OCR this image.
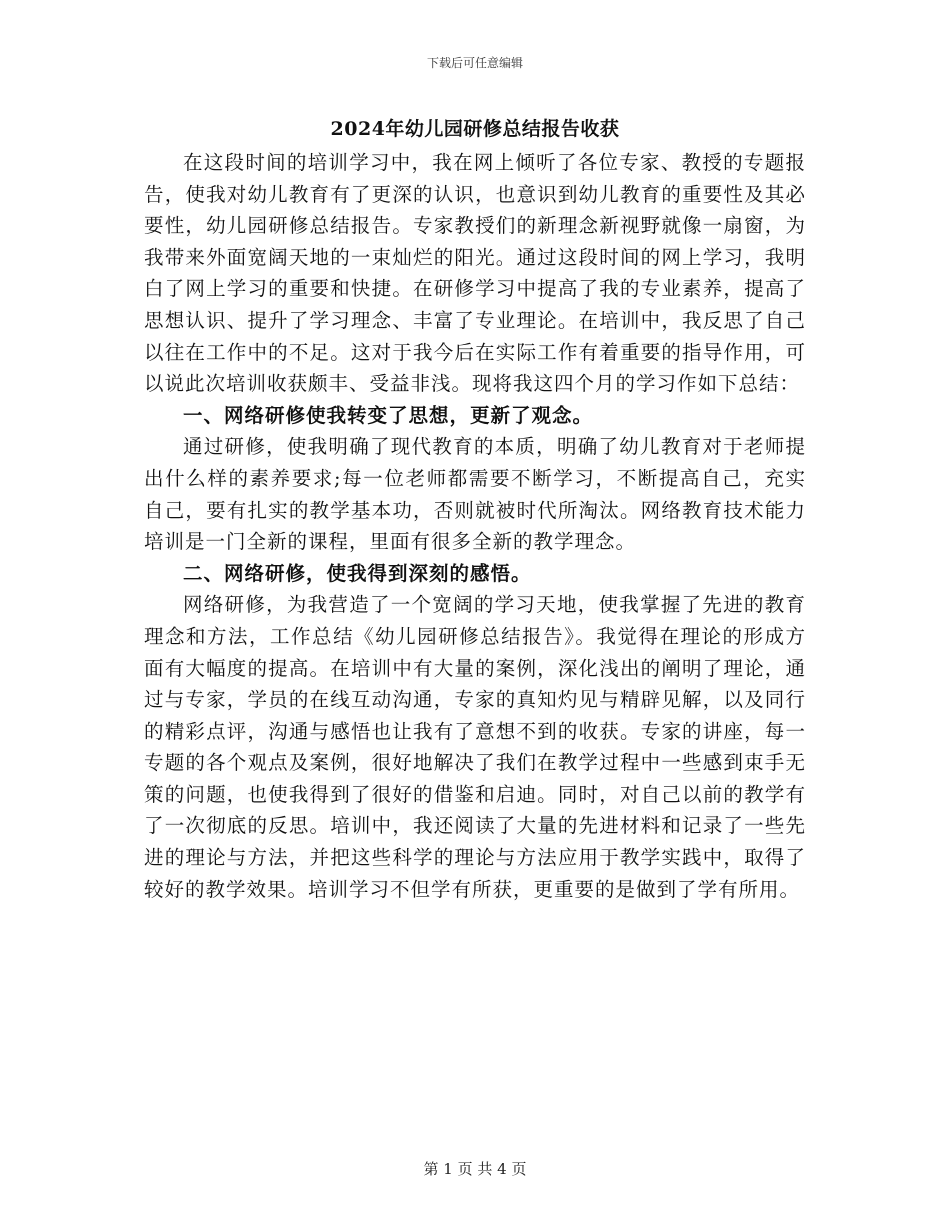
下载后可任意编辑
2024年幼儿园研修总结报告收获

在这段时间的培训学习中，我在网上倾听了各位专家、教授的专题报告，使我对幼儿教育有了更深的认识，也意识到幼儿教育的重要性及其必要性，幼儿园研修总结报告。专家教授们的新理念新视野就像一扇窗，为我带来外面宽阔天地的一束灿烂的阳光。通过这段时间的网上学习，我明白了网上学习的重要和快捷。在研修学习中提高了我的专业素养，提高了思想认识、提升了学习理念、丰富了专业理论。在培训中，我反思了自己以往在工作中的不足。这对于我今后在实际工作有着重要的指导作用，可以说此次培训收获颇丰、受益非浅。现将我这四个月的学习作如下总结：

一、网络研修使我转变了思想，更新了观念。

通过研修，使我明确了现代教育的本质，明确了幼儿教育对于老师提出什么样的素养要求;每一位老师都需要不断学习，不断提高自己，充实自己，要有扎实的教学基本功，否则就被时代所淘汰。网络教育技术能力培训是一门全新的课程，里面有很多全新的教学理念。

二、网络研修，使我得到深刻的感悟。

网络研修，为我营造了一个宽阔的学习天地，使我掌握了先进的教育理念和方法，工作总结《幼儿园研修总结报告》。我觉得在理论的形成方面有大幅度的提高。在培训中有大量的案例，深化浅出的阐明了理论，通过与专家，学员的在线互动沟通，专家的真知灼见与精辟见解，以及同行的精彩点评，沟通与感悟也让我有了意想不到的收获。专家的讲座，每一专题的各个观点及案例，很好地解决了我们在教学过程中一些感到束手无策的问题，也使我得到了很好的借鉴和启迪。同时，对自己以前的教学有了一次彻底的反思。培训中，我还阅读了大量的先进材料和记录了一些先进的理论与方法，并把这些科学的理论与方法应用于教学实践中，取得了较好的教学效果。培训学习不但学有所获，更重要的是做到了学有所用。

第 1 页 共 4 页
